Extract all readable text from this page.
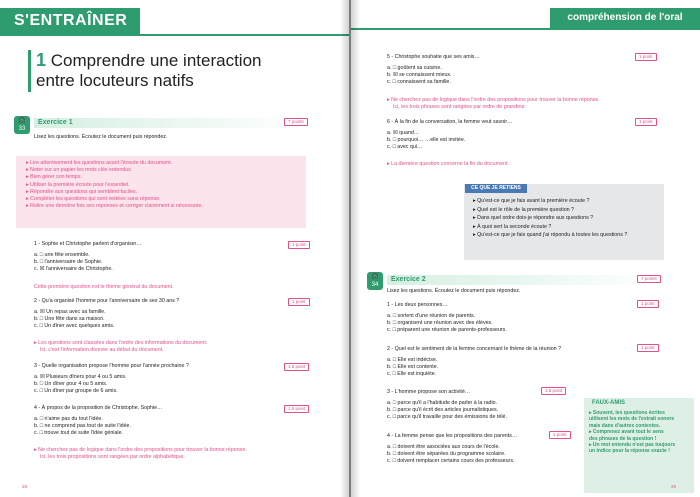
S'ENTRAÎNER
1 Comprendre une interaction
entre locuteurs natifs
🎧
33
Exercice 1	7 points
Lisez les questions. Écoutez le document puis répondez.
▸ Lire attentivement les questions avant l'écoute du document.
▸ Noter sur un papier les mots clés entendus.
▸ Bien gérer son temps.
▸ Utiliser la première écoute pour l'essentiel.
▸ Répondre aux questions qui semblent faciles.
▸ Compléter les questions qui sont restées sans réponse.
▸ Relire une dernière fois ses réponses et corriger clairement si nécessaire.
1 - Sophie et Christophe parlent d'organiser…	1 point
a. □ une fête ensemble.
b. □ l'anniversaire de Sophie.
c. ☒ l'anniversaire de Christophe.
Cette première question est le thème général du document.
2 - Qu'a organisé l'homme pour l'anniversaire de ses 30 ans ?	1 point
a. ☒ Un repas avec sa famille.
b. □ Une fête dans sa maison.
c. □ Un dîner avec quelques amis.
▸ Les questions sont classées dans l'ordre des informations du document.
Ici, c'est l'information donnée au début du document.
3 - Quelle organisation propose l'homme pour l'année prochaine ?	1,5 point
a. ☒ Plusieurs dîners pour 4 ou 5 amis.
b. □ Un dîner pour 4 ou 5 amis.
c. □ Un dîner par groupe de 6 amis.
4 - À propos de la proposition de Christophe, Sophie…	1,5 point
a. □ n'aime pas du tout l'idée.
b. □ ne comprend pas tout de suite l'idée.
c. □ trouve tout de suite l'idée géniale.
▸ Ne cherchez pas de logique dans l'ordre des propositions pour trouver la bonne réponse.
Ici, les trois propositions sont rangées par ordre alphabétique.
28
compréhension de l'oral
5 - Christophe souhaite que ses amis…	1 point
a. □ goûtent sa cuisine.
b. ☒ se connaissent mieux.
c. □ connaissent sa famille.
▸ Ne cherchez pas de logique dans l'ordre des propositions pour trouver la bonne réponse.
Ici, les trois phrases sont rangées par ordre de grandeur.
6 - À la fin de la conversation, la femme veut savoir…	1 point
a. ☒ quand…
b. □ pourquoi… …elle est invitée.
c. □ avec qui…
▸ La dernière question concerne la fin du document.
CE QUE JE RETIENS
▸ Qu'est-ce que je fais avant la première écoute ?
▸ Quel est le rôle de la première question ?
▸ Dans quel ordre dois-je répondre aux questions ?
▸ À quoi sert la seconde écoute ?
▸ Qu'est-ce que je fais quand j'ai répondu à toutes les questions ?
🎧
34
Exercice 2	7 points
Lisez les questions. Écoutez le document puis répondez.
1 - Les deux personnes…	1 point
a. □ sortent d'une réunion de parents.
b. □ organisent une réunion avec des élèves.
c. □ préparent une réunion de parents-professeurs.
2 - Quel est le sentiment de la femme concernant le thème de la réunion ?	1 point
a. □ Elle est indécise.
b. □ Elle est contente.
c. □ Elle est inquiète.
3 - L'homme propose son activité…	1,5 point
a. □ parce qu'il a l'habitude de parler à la radio.
b. □ parce qu'il écrit des articles journalistiques.
c. □ parce qu'il travaille pour des émissions de télé.
4 - La femme pense que les propositions des parents…	1 point
a. □ doivent être associées aux cours de l'école.
b. □ doivent être séparées du programme scolaire.
c. □ doivent remplacer certains cours des professeurs.
FAUX-AMIS
▸ Souvent, les questions écrites
utilisent les mots de l'extrait sonore
mais dans d'autres contextes.
▸ Comprenez avant tout le sens
des phrases de la question !
▸ Un mot entendu n'est pas toujours
un indice pour la réponse exacte !
29
